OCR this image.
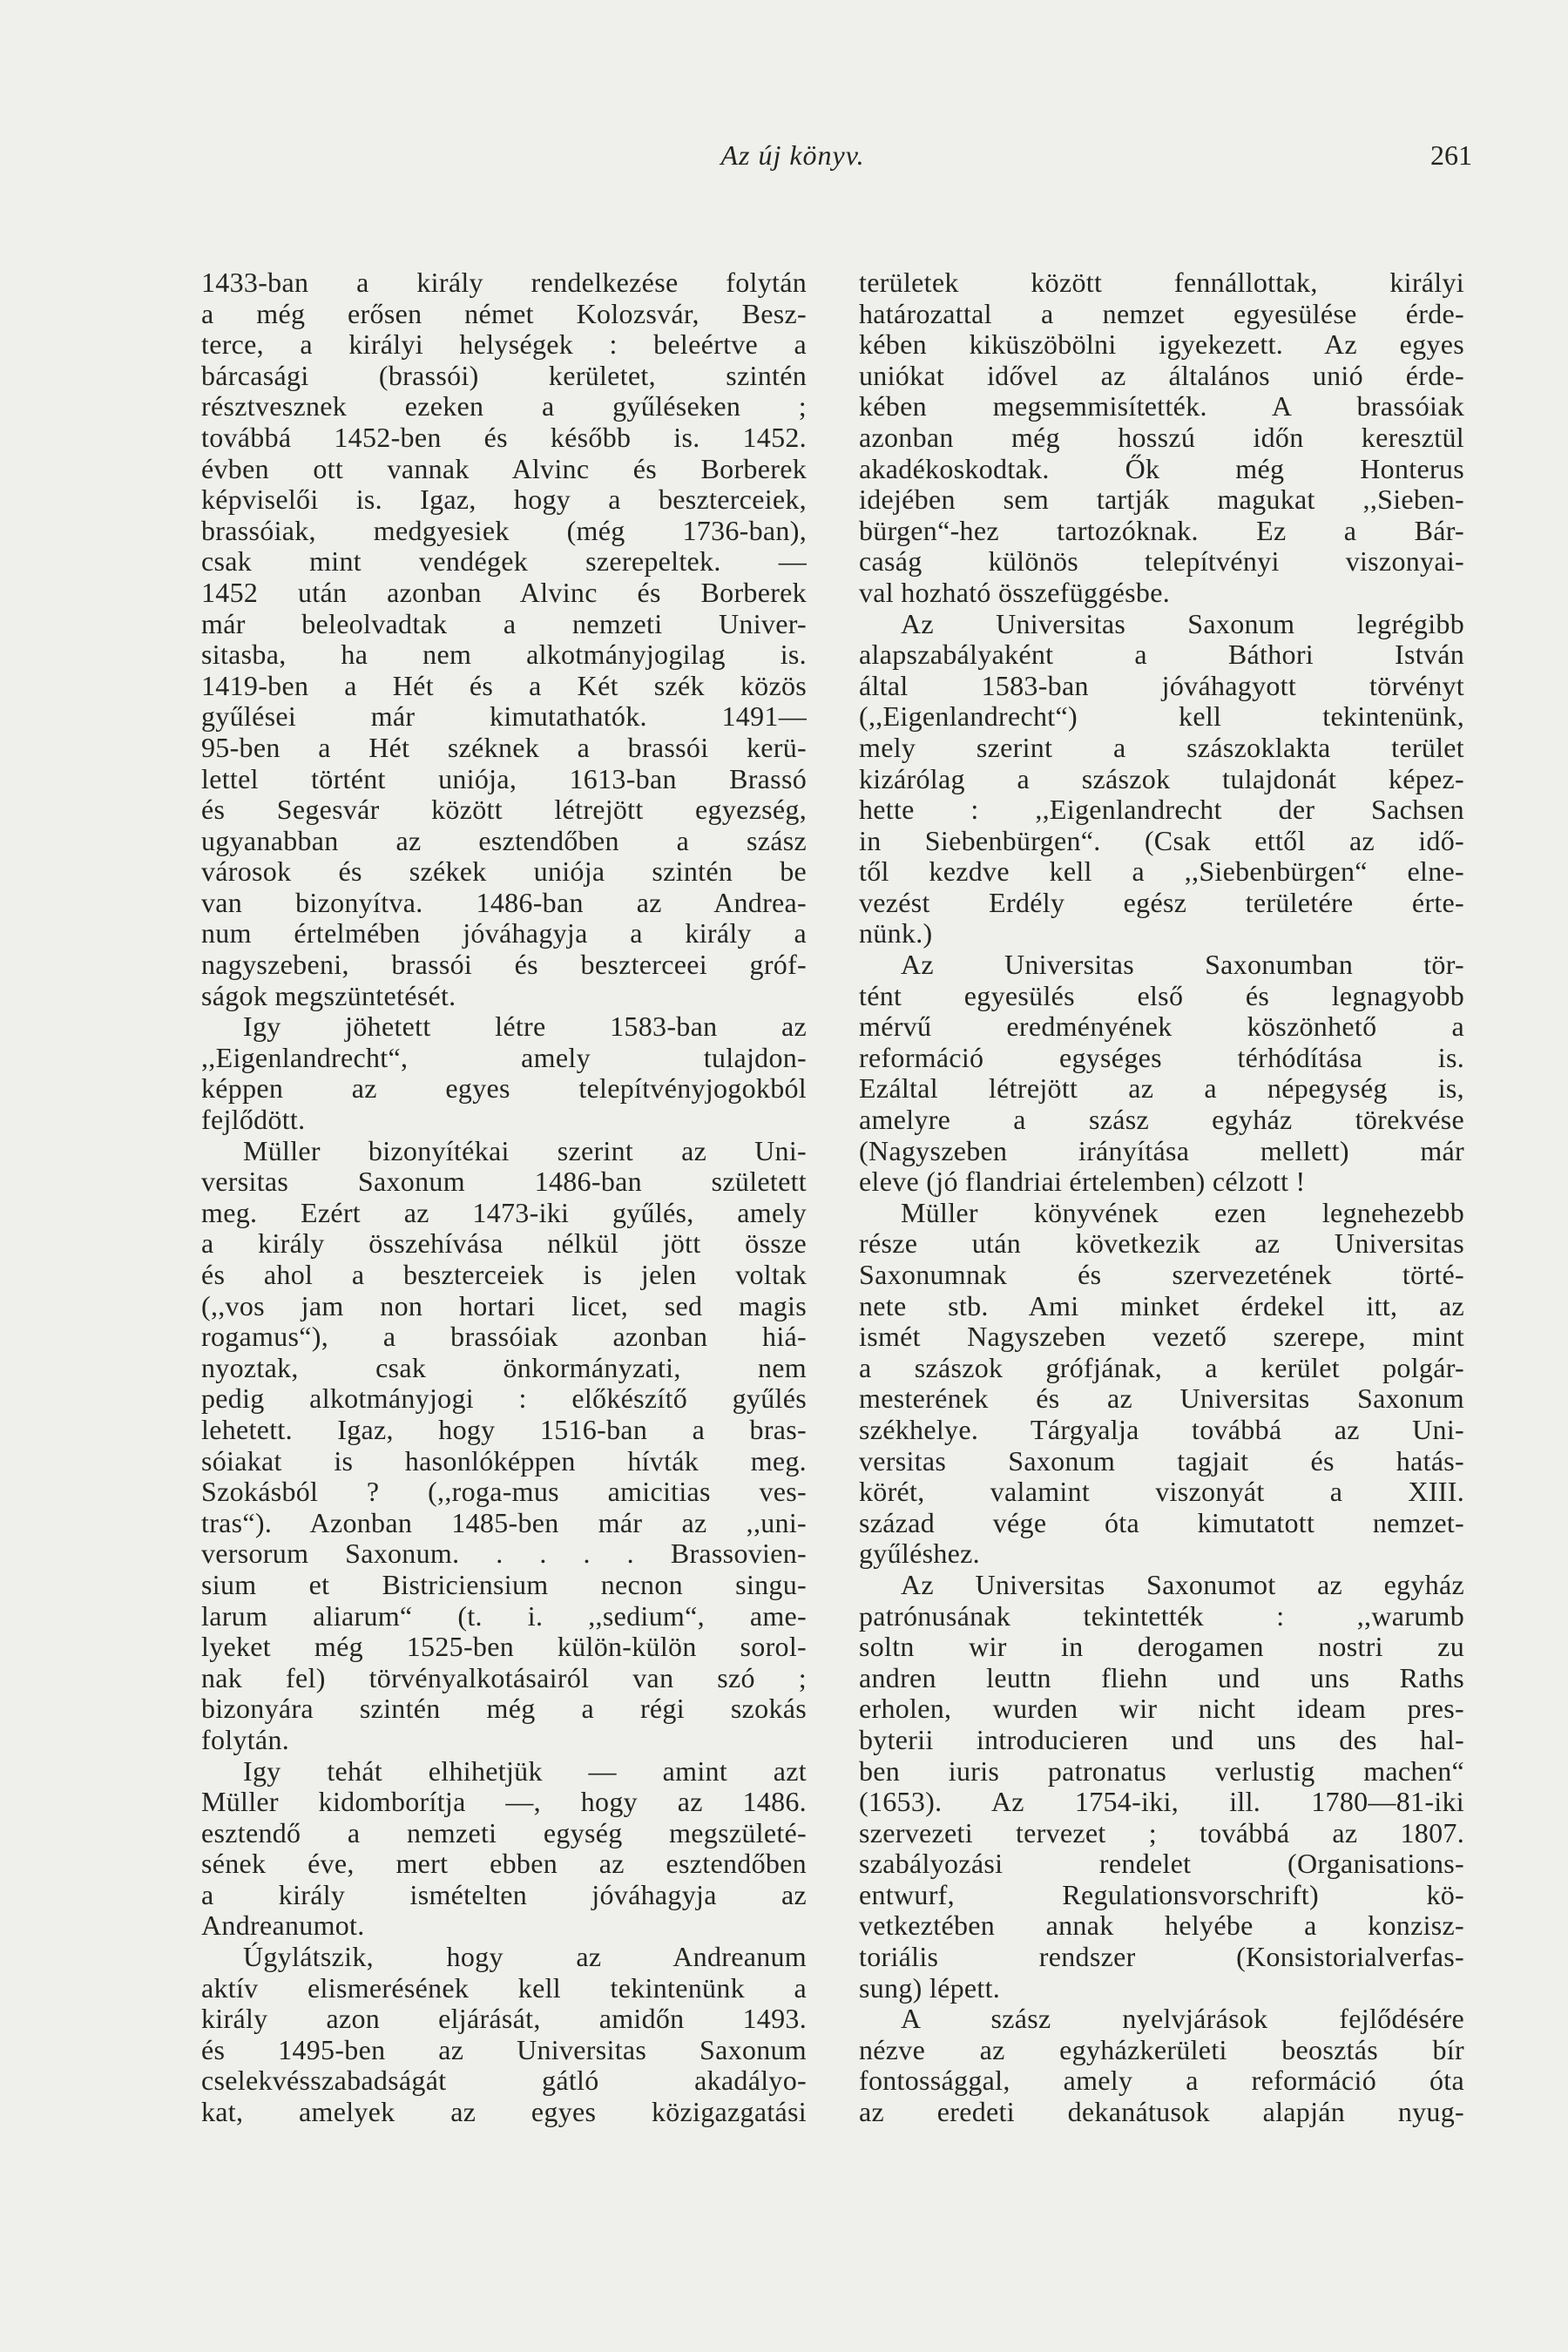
Az új könyv.	261
1433-ban a király rendelkezése folytán
a még erősen német Kolozsvár, Besz-
terce, a királyi helységek : beleértve a
bárcasági (brassói) kerületet, szintén
résztvesznek ezeken a gyűléseken ;
továbbá 1452-ben és később is. 1452.
évben ott vannak Alvinc és Borberek
képviselői is. Igaz, hogy a beszterceiek,
brassóiak, medgyesiek (még 1736-ban),
csak mint vendégek szerepeltek. —
1452 után azonban Alvinc és Borberek
már beleolvadtak a nemzeti Univer-
sitasba, ha nem alkotmányjogilag is.
1419-ben a Hét és a Két szék közös
gyűlései már kimutathatók. 1491—
95-ben a Hét széknek a brassói kerü-
lettel történt uniója, 1613-ban Brassó
és Segesvár között létrejött egyezség,
ugyanabban az esztendőben a szász
városok és székek uniója szintén be
van bizonyítva. 1486-ban az Andrea-
num értelmében jóváhagyja a király a
nagyszebeni, brassói és beszterceei gróf-
ságok megszüntetését.
Igy jöhetett létre 1583-ban az
,,Eigenlandrecht“, amely tulajdon-
képpen az egyes telepítvényjogokból
fejlődött.
Müller bizonyítékai szerint az Uni-
versitas Saxonum 1486-ban született
meg. Ezért az 1473-iki gyűlés, amely
a király összehívása nélkül jött össze
és ahol a beszterceiek is jelen voltak
(,,vos jam non hortari licet, sed magis
rogamus“), a brassóiak azonban hiá-
nyoztak, csak önkormányzati, nem
pedig alkotmányjogi : előkészítő gyűlés
lehetett. Igaz, hogy 1516-ban a bras-
sóiakat is hasonlóképpen hívták meg.
Szokásból ? (,,roga-mus amicitias ves-
tras“). Azonban 1485-ben már az ,,uni-
versorum Saxonum. . . . . Brassovien-
sium et Bistriciensium necnon singu-
larum aliarum“ (t. i. ,,sedium“, ame-
lyeket még 1525-ben külön-külön sorol-
nak fel) törvényalkotásairól van szó ;
bizonyára szintén még a régi szokás
folytán.
Igy tehát elhihetjük — amint azt
Müller kidomborítja —, hogy az 1486.
esztendő a nemzeti egység megszületé-
sének éve, mert ebben az esztendőben
a király ismételten jóváhagyja az
Andreanumot.
Úgylátszik, hogy az Andreanum
aktív elismerésének kell tekintenünk a
király azon eljárását, amidőn 1493.
és 1495-ben az Universitas Saxonum
cselekvésszabadságát gátló akadályo-
kat, amelyek az egyes közigazgatási
területek között fennállottak, királyi
határozattal a nemzet egyesülése érde-
kében kiküszöbölni igyekezett. Az egyes
uniókat idővel az általános unió érde-
kében megsemmisítették. A brassóiak
azonban még hosszú időn keresztül
akadékoskodtak. Ők még Honterus
idejében sem tartják magukat ,,Sieben-
bürgen“-hez tartozóknak. Ez a Bár-
caság különös telepítvényi viszonyai-
val hozható összefüggésbe.
Az Universitas Saxonum legrégibb
alapszabályaként a Báthori István
által 1583-ban jóváhagyott törvényt
(,,Eigenlandrecht“) kell tekintenünk,
mely szerint a szászoklakta terület
kizárólag a szászok tulajdonát képez-
hette : ,,Eigenlandrecht der Sachsen
in Siebenbürgen“. (Csak ettől az idő-
től kezdve kell a ,,Siebenbürgen“ elne-
vezést Erdély egész területére érte-
nünk.)
Az Universitas Saxonumban tör-
tént egyesülés első és legnagyobb
mérvű eredményének köszönhető a
reformáció egységes térhódítása is.
Ezáltal létrejött az a népegység is,
amelyre a szász egyház törekvése
(Nagyszeben irányítása mellett) már
eleve (jó flandriai értelemben) célzott !
Müller könyvének ezen legnehezebb
része után következik az Universitas
Saxonumnak és szervezetének törté-
nete stb. Ami minket érdekel itt, az
ismét Nagyszeben vezető szerepe, mint
a szászok grófjának, a kerület polgár-
mesterének és az Universitas Saxonum
székhelye. Tárgyalja továbbá az Uni-
versitas Saxonum tagjait és hatás-
körét, valamint viszonyát a XIII.
század vége óta kimutatott nemzet-
gyűléshez.
Az Universitas Saxonumot az egyház
patrónusának tekintették : ,,warumb
soltn wir in derogamen nostri zu
andren leuttn fliehn und uns Raths
erholen, wurden wir nicht ideam pres-
byterii introducieren und uns des hal-
ben iuris patronatus verlustig machen“
(1653). Az 1754-iki, ill. 1780—81-iki
szervezeti tervezet ; továbbá az 1807.
szabályozási rendelet (Organisations-
entwurf, Regulationsvorschrift) kö-
vetkeztében annak helyébe a konzisz-
toriális rendszer (Konsistorialverfas-
sung) lépett.
A szász nyelvjárások fejlődésére
nézve az egyházkerületi beosztás bír
fontossággal, amely a reformáció óta
az eredeti dekanátusok alapján nyug-
